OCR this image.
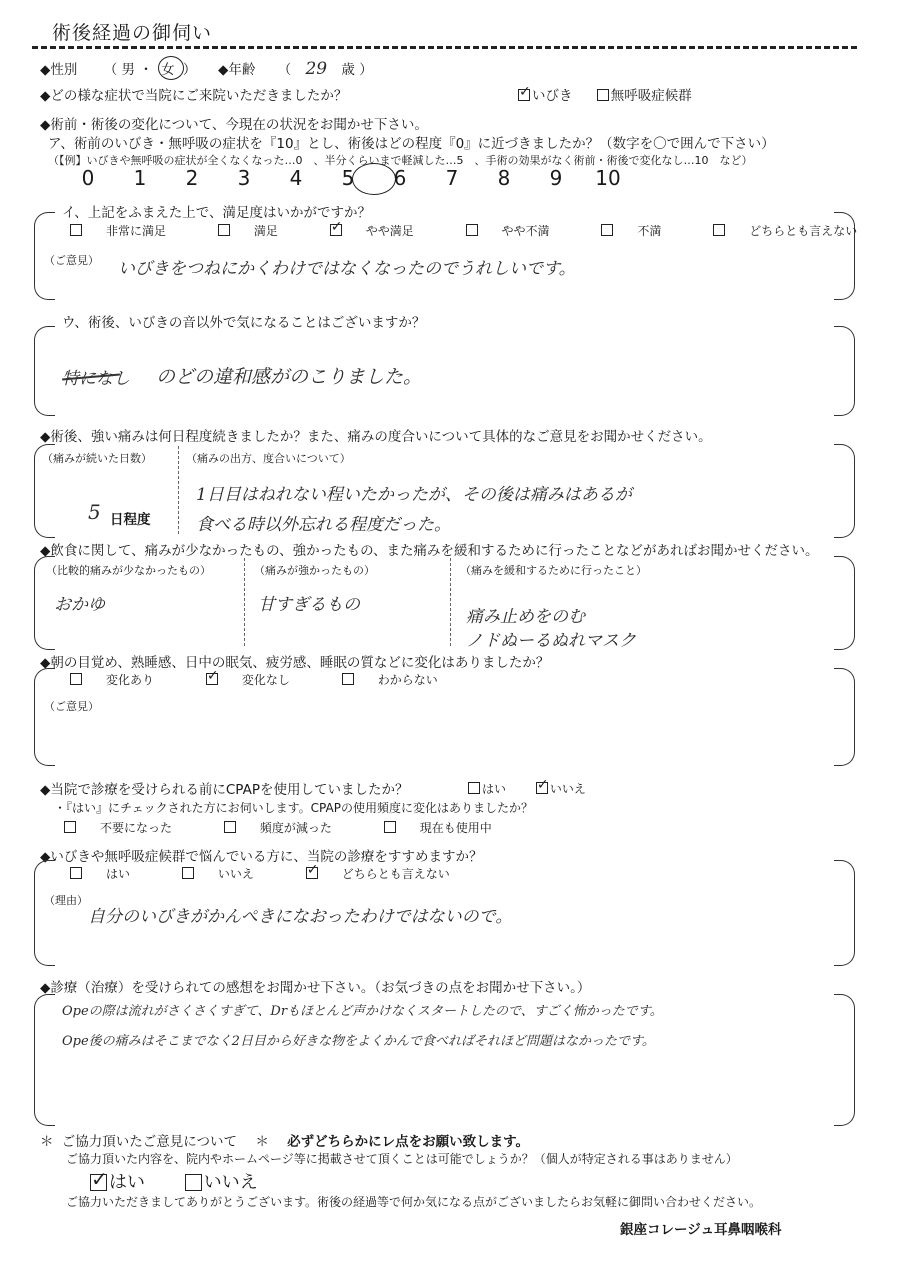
術後経過の御伺い
◆性別 （ 男 ・ 女 ） ◆年齢 （ 29 歳 ）
◆どの様な症状で当院にご来院いただきましたか？ ✓	いびき	無呼吸症候群
◆術前・術後の変化について、今現在の状況をお聞かせ下さい。
ア、術前のいびき・無呼吸の症状を『10』とし、術後はどの程度『0』に近づきましたか？（数字を〇で囲んで下さい）
（【例】いびきや無呼吸の症状が全くなくなった…0　、半分くらいまで軽減した…5　、手術の効果がなく術前・術後で変化なし…10　など）
0 1 2 3 4 5 6 7 8 9 10
イ、上記をふまえた上で、満足度はいかがですか？
非常に満足	満足 ✓	やや満足	やや不満	不満	どちらとも言えない
（ご意見） いびきをつねにかくわけではなくなったのでうれしいです。
ウ、術後、いびきの音以外で気になることはございますか？
特になし のどの違和感がのこりました。
◆術後、強い痛みは何日程度続きましたか？また、痛みの度合いについて具体的なご意見をお聞かせください。
（痛みが続いた日数）
5 日程度
（痛みの出方、度合いについて）
1日目はねれない程いたかったが、その後は痛みはあるが
食べる時以外忘れる程度だった。
◆飲食に関して、痛みが少なかったもの、強かったもの、また痛みを緩和するために行ったことなどがあればお聞かせください。
（比較的痛みが少なかったもの）
おかゆ
（痛みが強かったもの）
甘すぎるもの
（痛みを緩和するために行ったこと）
痛み止めをのむ
ノドぬーるぬれマスク
◆朝の目覚め、熟睡感、日中の眠気、疲労感、睡眠の質などに変化はありましたか？
変化あり ✓	変化なし	わからない
（ご意見）
◆当院で診療を受けられる前にCPAPを使用していましたか？	はい ✓	いいえ
・『はい』にチェックされた方にお伺いします。CPAPの使用頻度に変化はありましたか？
不要になった	頻度が減った	現在も使用中
◆いびきや無呼吸症候群で悩んでいる方に、当院の診療をすすめますか？
はい	いいえ ✓	どちらとも言えない
（理由）
自分のいびきがかんぺきになおったわけではないので。
◆診療（治療）を受けられての感想をお聞かせ下さい。（お気づきの点をお聞かせ下さい。）
Opeの際は流れがさくさくすぎて、Drもほとんど声かけなくスタートしたので、すごく怖かったです。
Ope後の痛みはそこまでなく2日目から好きな物をよくかんで食べればそれほど問題はなかったです。
＊ ご協力頂いたご意見について ＊ 必ずどちらかにレ点をお願い致します。
ご協力頂いた内容を、院内やホームページ等に掲載させて頂くことは可能でしょうか？（個人が特定される事はありません）
✓はい	いいえ
ご協力いただきましてありがとうございます。術後の経過等で何か気になる点がございましたらお気軽に御問い合わせください。
銀座コレージュ耳鼻咽喉科
